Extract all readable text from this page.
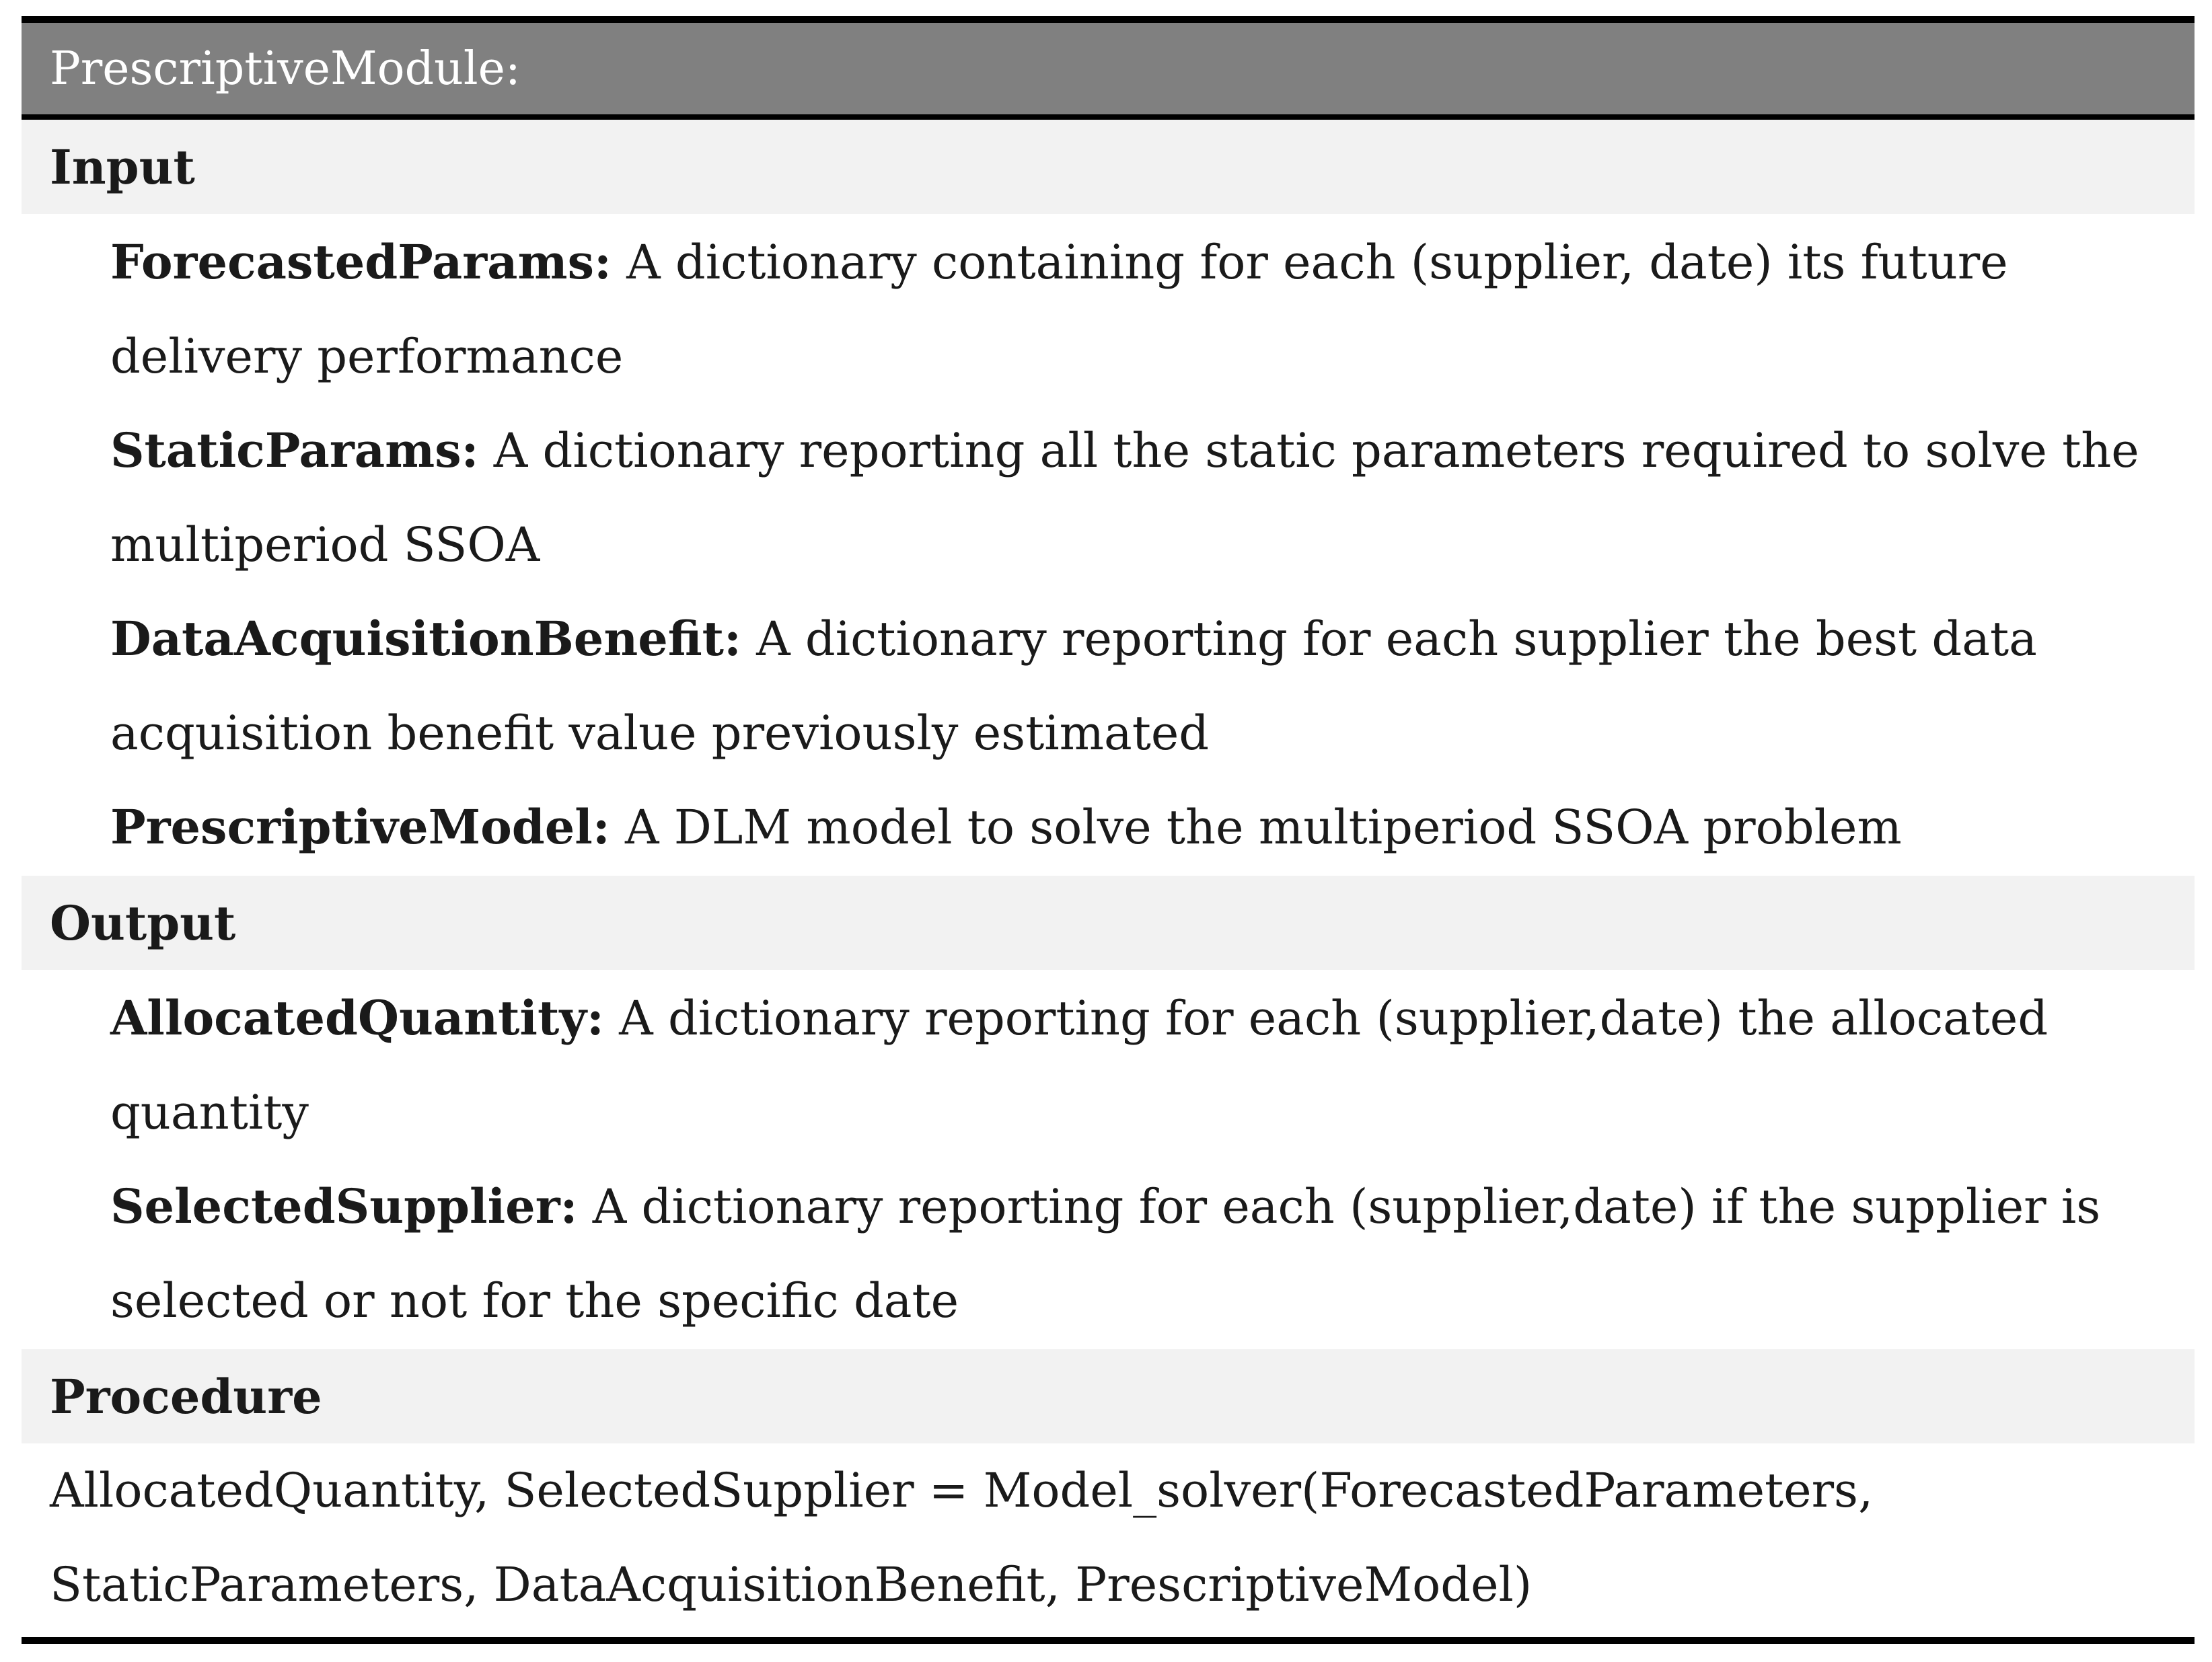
PrescriptiveModule:
Input
ForecastedParams: A dictionary containing for each (supplier, date) its future delivery performance
StaticParams: A dictionary reporting all the static parameters required to solve the multiperiod SSOA
DataAcquisitionBenefit: A dictionary reporting for each supplier the best data acquisition benefit value previously estimated
PrescriptiveModel: A DLM model to solve the multiperiod SSOA problem
Output
AllocatedQuantity: A dictionary reporting for each (supplier,date) the allocated quantity
SelectedSupplier: A dictionary reporting for each (supplier,date) if the supplier is selected or not for the specific date
Procedure
AllocatedQuantity, SelectedSupplier = Model_solver(ForecastedParameters, StaticParameters, DataAcquisitionBenefit, PrescriptiveModel)
